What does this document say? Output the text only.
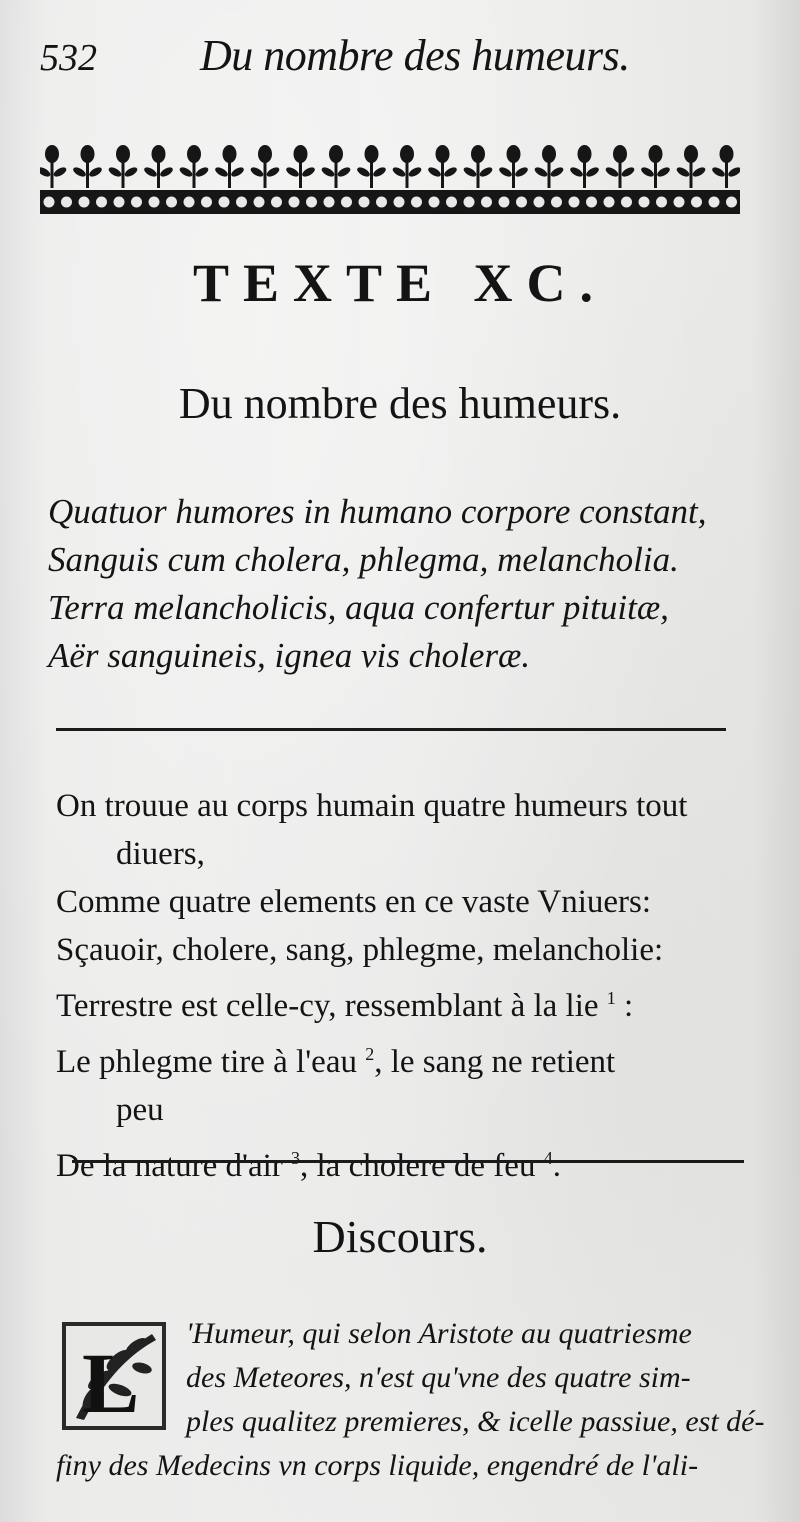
532 Du nombre des humeurs.
TEXTE XC.
Du nombre des humeurs.
Quatuor humores in humano corpore constant,
Sanguis cum cholera, phlegma, melancholia.
Terra melancholicis, aqua confertur pituitæ,
Aër sanguineis, ignea vis choleræ.
On trouue au corps humain quatre humeurs tout
diuers,
Comme quatre elements en ce vaste Vniuers:
Sçauoir, cholere, sang, phlegme, melancholie:
Terrestre est celle-cy, ressemblant à la lie $^1$ :
Le phlegme tire à l'eau $^2$, le sang ne retient
peu
De la nature d'air $^3$, la cholere de feu $^4$.
Discours.
L
'Humeur, qui selon Aristote au quatriesme
des Meteores, n'est qu'vne des quatre sim-
ples qualitez premieres, & icelle passiue, est dé-
finy des Medecins vn corps liquide, engendré de l'ali-
